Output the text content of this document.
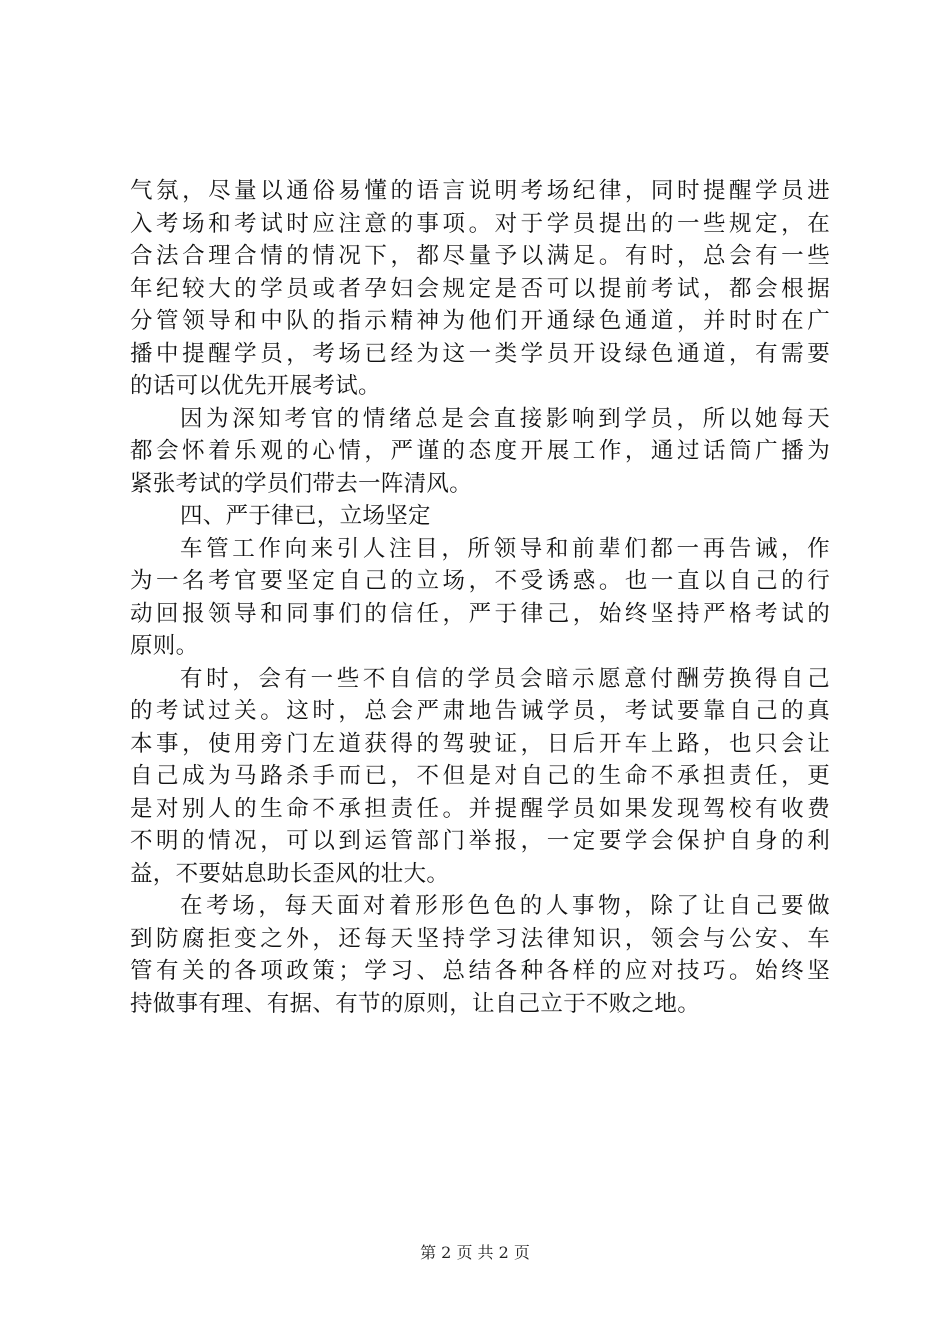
气氛，尽量以通俗易懂的语言说明考场纪律，同时提醒学员进
入考场和考试时应注意的事项。对于学员提出的一些规定，在
合法合理合情的情况下，都尽量予以满足。有时，总会有一些
年纪较大的学员或者孕妇会规定是否可以提前考试，都会根据
分管领导和中队的指示精神为他们开通绿色通道，并时时在广
播中提醒学员，考场已经为这一类学员开设绿色通道，有需要
的话可以优先开展考试。
因为深知考官的情绪总是会直接影响到学员，所以她每天
都会怀着乐观的心情，严谨的态度开展工作，通过话筒广播为
紧张考试的学员们带去一阵清风。
四、严于律已，立场坚定
车管工作向来引人注目，所领导和前辈们都一再告诫，作
为一名考官要坚定自己的立场，不受诱惑。也一直以自己的行
动回报领导和同事们的信任，严于律己，始终坚持严格考试的
原则。
有时，会有一些不自信的学员会暗示愿意付酬劳换得自己
的考试过关。这时，总会严肃地告诫学员，考试要靠自己的真
本事，使用旁门左道获得的驾驶证，日后开车上路，也只会让
自己成为马路杀手而已，不但是对自己的生命不承担责任，更
是对别人的生命不承担责任。并提醒学员如果发现驾校有收费
不明的情况，可以到运管部门举报，一定要学会保护自身的利
益，不要姑息助长歪风的壮大。
在考场，每天面对着形形色色的人事物，除了让自己要做
到防腐拒变之外，还每天坚持学习法律知识，领会与公安、车
管有关的各项政策；学习、总结各种各样的应对技巧。始终坚
持做事有理、有据、有节的原则，让自己立于不败之地。
第 2 页 共 2 页
